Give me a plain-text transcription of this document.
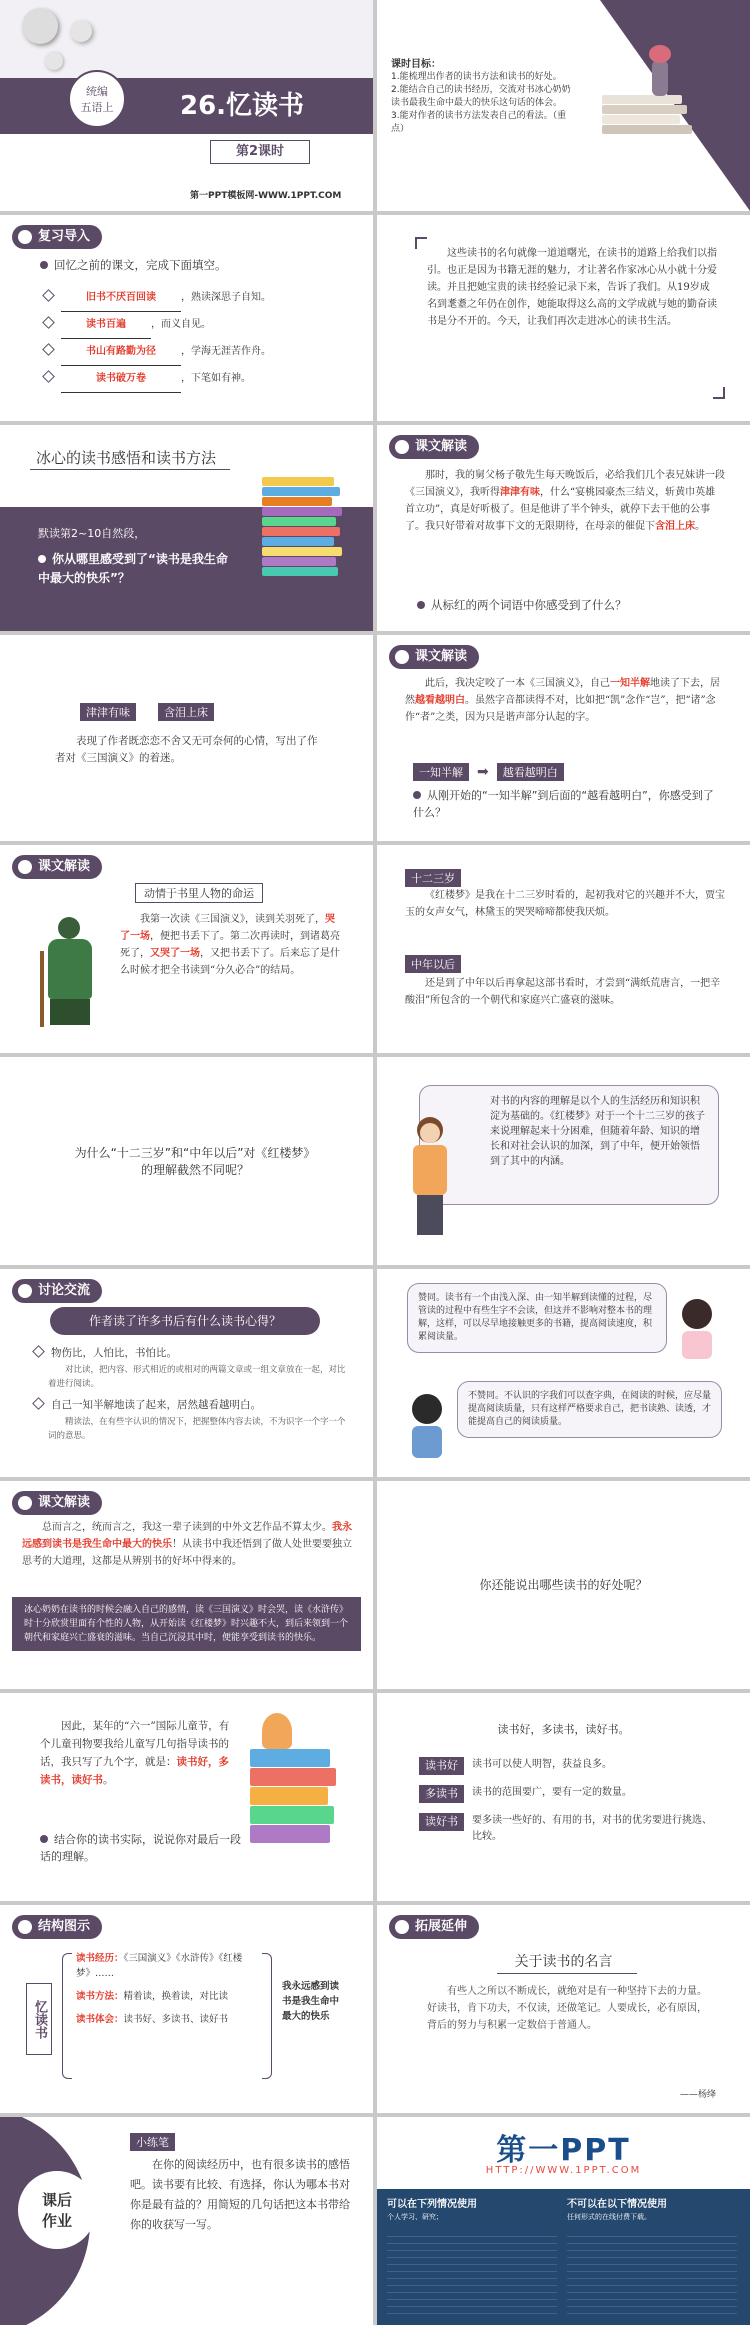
统编
五语上	26.忆读书
第2课时
第一PPT模板网-WWW.1PPT.COM
课时目标：
1.能梳理出作者的读书方法和读书的好处。
2.能结合自己的读书经历，交流对书冰心奶奶读书最我生命中最大的快乐这句话的体会。
3.能对作者的读书方法发表自己的看法。（重点）
复习导入
回忆之前的课文，完成下面填空。
旧书不厌百回读	，熟读深思子自知。
读书百遍	，而义自见。
书山有路勤为径	，学海无涯苦作舟。
读书破万卷	，下笔如有神。
这些读书的名句就像一道道曙光，在读书的道路上给我们以指引。也正是因为书籍无涯的魅力，才让著名作家冰心从小就十分爱读。并且把她宝贵的读书经验记录下来，告诉了我们。从19岁成名到耄耋之年仍在创作，她能取得这么高的文学成就与她的勤奋读书是分不开的。今天，让我们再次走进冰心的读书生活。
冰心的读书感悟和读书方法
默读第2~10自然段，
你从哪里感受到了“读书是我生命中最大的快乐”？
课文解读
那时，我的舅父杨子敬先生每天晚饭后，必给我们几个表兄妹讲一段《三国演义》，我听得津津有味，什么“宴桃园豪杰三结义，斩黄巾英雄首立功”，真是好听极了。但是他讲了半个钟头，就停下去干他的公事了。我只好带着对故事下文的无限期待，在母亲的催促下含泪上床。
从标红的两个词语中你感受到了什么？
津津有味	含泪上床
表现了作者既恋恋不舍又无可奈何的心情，写出了作者对《三国演义》的着迷。
课文解读
此后，我决定咬了一本《三国演义》，自己一知半解地读了下去，居然越看越明白。虽然字音都读得不对，比如把“凯”念作“岂”，把“诸”念作“者”之类，因为只是谐声部分认起的字。
一知半解	➡	越看越明白
从刚开始的“一知半解”到后面的“越看越明白”，你感受到了什么？
课文解读
动情于书里人物的命运
我第一次读《三国演义》，读到关羽死了，哭了一场，便把书丢下了。第二次再读时，到诸葛亮死了，又哭了一场，又把书丢下了。后来忘了是什么时候才把全书读到“分久必合”的结局。
十二三岁
《红楼梦》是我在十二三岁时看的，起初我对它的兴趣并不大，贾宝玉的女声女气，林黛玉的哭哭啼啼都使我厌烦。
中年以后
还是到了中年以后再拿起这部书看时，才尝到“满纸荒唐言，一把辛酸泪”所包含的一个朝代和家庭兴亡盛衰的滋味。
为什么“十二三岁”和“中年以后”对《红楼梦》的理解截然不同呢？
对书的内容的理解是以个人的生活经历和知识积淀为基础的。《红楼梦》对于一个十二三岁的孩子来说理解起来十分困难，但随着年龄、知识的增长和对社会认识的加深，到了中年，便开始领悟到了其中的内涵。
讨论交流
作者读了许多书后有什么读书心得？
物伤比，人怕比，书怕比。
对比读，把内容、形式相近的或相对的两篇文章或一组文章放在一起，对比着进行阅读。
自己一知半解地读了起来，居然越看越明白。
精读法，在有些字认识的情况下，把握整体内容去读，不为识字一个字一个词的意思。
赞同。读书有一个由浅入深、由一知半解到读懂的过程，尽管读的过程中有些生字不会读，但这并不影响对整本书的理解，这样，可以尽早地接触更多的书籍，提高阅读速度，积累阅读量。
不赞同。不认识的字我们可以查字典，在阅读的时候，应尽量提高阅读质量，只有这样严格要求自己，把书读熟、读透，才能提高自己的阅读质量。
课文解读
总而言之，统而言之，我这一辈子读到的中外文艺作品不算太少。我永远感到读书是我生命中最大的快乐！从读书中我还悟到了做人处世要要独立思考的大道理，这都是从辨别书的好坏中得来的。
冰心奶奶在读书的时候会融入自己的感情，读《三国演义》时会哭，读《水浒传》时十分欣赏里面有个性的人物，从开始读《红楼梦》时兴趣不大，到后来领到一个朝代和家庭兴亡盛衰的滋味。当自己沉浸其中时，便能享受到读书的快乐。
你还能说出哪些读书的好处呢？
因此，某年的“六一”国际儿童节，有个儿童刊物要我给儿童写几句指导读书的话，我只写了九个字，就是：读书好，多读书，读好书。
结合你的读书实际，说说你对最后一段话的理解。
读书好，多读书，读好书。
读书好	读书可以使人明智，获益良多。
多读书	读书的范围要广，要有一定的数量。
读好书	要多读一些好的、有用的书，对书的优劣要进行挑选、比较。
结构图示
忆读书
读书经历：《三国演义》《水浒传》《红楼梦》……
读书方法： 精着读，换着读，对比读
读书体会：读书好、多读书、读好书
我永远感到读书是我生命中最大的快乐
拓展延伸
关于读书的名言
有些人之所以不断成长，就绝对是有一种坚持下去的力量。好读书，肯下功夫，不仅读，还做笔记。人要成长，必有原因，背后的努力与积累一定数倍于普通人。
——杨绛
课后
作业
小练笔
在你的阅读经历中，也有很多读书的感悟吧。读书要有比较、有选择，你认为哪本书对你是最有益的？用简短的几句话把这本书带给你的收获写一写。
第一PPT
HTTP://WWW.1PPT.COM
可以在下列情况使用
个人学习、研究；
不可以在以下情况使用
任何形式的在线付费下载。
